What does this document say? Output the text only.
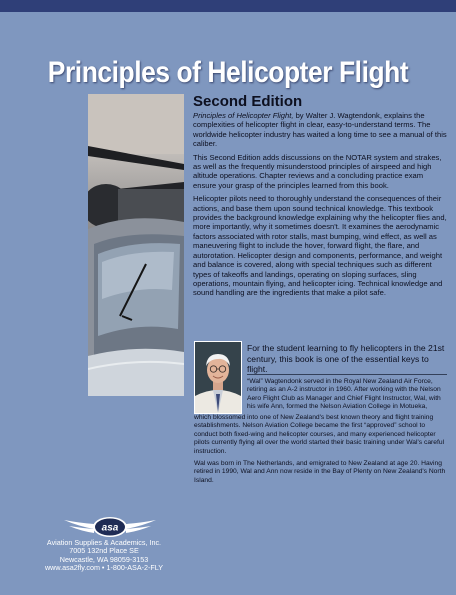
Principles of Helicopter Flight
Second Edition

Principles of Helicopter Flight, by Walter J. Wagtendonk, explains the complexities of helicopter flight in clear, easy-to-understand terms. The worldwide helicopter industry has waited a long time to see a manual of this caliber.

This Second Edition adds discussions on the NOTAR system and strakes, as well as the frequently misunderstood principles of airspeed and high altitude operations. Chapter reviews and a concluding practice exam ensure your grasp of the principles learned from this book.

Helicopter pilots need to thoroughly understand the consequences of their actions, and base them upon sound technical knowledge. This textbook provides the background knowledge explaining why the helicopter flies and, more importantly, why it sometimes doesn't. It examines the aerodynamic factors associated with rotor stalls, mast bumping, wind effect, as well as maneuvering flight to include the hover, forward flight, the flare, and autorotation. Helicopter design and components, performance, and weight and balance is covered, along with special techniques such as different types of takeoffs and landings, operating on sloping surfaces, sling operations, mountain flying, and helicopter icing. Technical knowledge and sound handling are the ingredients that make a pilot safe.

For the student learning to fly helicopters in the 21st century, this book is one of the essential keys to flight.
“Wal” Wagtendonk served in the Royal New Zealand Air Force, retiring as an A-2 instructor in 1960. After working with the Nelson Aero Flight Club as Manager and Chief Flight Instructor, Wal, with his wife Ann, formed the Nelson Aviation College in Motueka,

which blossomed into one of New Zealand's best known theory and flight training establishments. Nelson Aviation College became the first “approved” school to conduct both fixed-wing and helicopter courses, and many experienced helicopter pilots currently flying all over the world started their basic training under Wal's careful instruction.

Wal was born in The Netherlands, and emigrated to New Zealand at age 20. Having retired in 1990, Wal and Ann now reside in the Bay of Plenty on New Zealand's North Island.

asa
Aviation Supplies & Academics, Inc.
7005 132nd Place SE
Newcastle, WA 98059-3153
www.asa2fly.com • 1-800-ASA-2-FLY
